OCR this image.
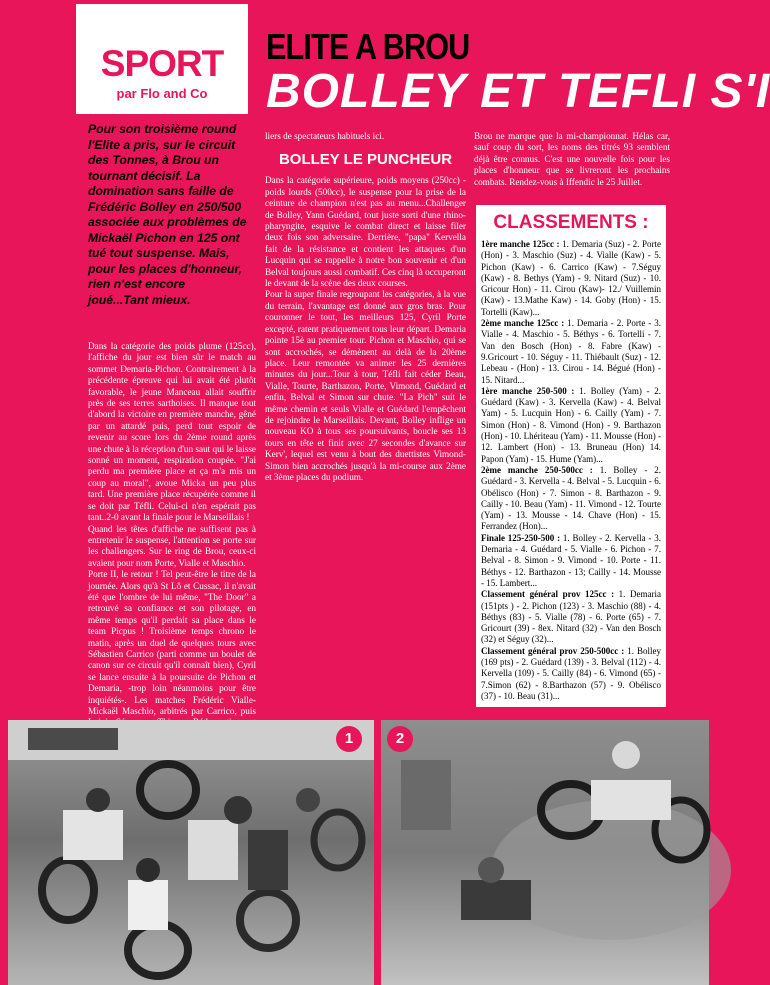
SPORT
par Flo and Co
ELITE A BROU
BOLLEY ET TEFLI S'I
Pour son troisième round l'Elite a pris, sur le circuit des Tonnes, à Brou un tournant décisif. La domination sans faille de Frédéric Bolley en 250/500 associée aux problèmes de Mickaël Pichon en 125 ont tué tout suspense. Mais, pour les places d'honneur, rien n'est encore joué...Tant mieux.

Dans la catégorie des poids plume (125cc), l'affiche du jour est bien sûr le match au sommet Demaria-Pichon. Contrairement à la précédente épreuve qui lui avait été plutôt favorable, le jeune Manceau allait souffrir près de ses terres sarthoises. Il manque tout d'abord la victoire en première manche, gêné par un attardé puis, perd tout espoir de revenir au score lors du 2ème round après une chute à la réception d'un saut qui le laisse sonné un moment, respiration coupée. "J'ai perdu ma première place et ça m'a mis un coup au moral", avoue Micka un peu plus tard. Une première place récupérée comme il se doit par Téfli. Celui-ci n'en espérait pas tant..2-0 avant la finale pour le Marseillais !

Quand les têtes d'affiche ne suffisent pas à entretenir le suspense, l'attention se porte sur les challengers. Sur le ring de Brou, ceux-ci avaient pour nom Porte, Vialle et Maschio.

Porte II, le retour ! Tel peut-être le titre de la journée. Alors qu'à St Lô et Cussac, il n'avait été que l'ombre de lui même, "The Door" a retrouvé sa confiance et son pilotage, en même temps qu'il perdait sa place dans le team Picpus ! Troisième temps chrono le matin, après un duel de quelques tours avec Sébastien Carrico (parti comme un boulet de canon sur ce circuit qu'il connaît bien), Cyril se lance ensuite à la poursuite de Pichon et Demaria, -trop loin néanmoins pour être inquiétés-. Les matches Frédéric Vialle-Mickaël Maschio, arbitrés par Carrico, puis

liers de spectateurs habituels ici.

BOLLEY LE PUNCHEUR

Dans la catégorie supérieure, poids moyens (250cc) - poids lourds (500cc), le suspense pour la prise de la ceinture de champion n'est pas au menu...Challenger de Bolley, Yann Guédard, tout juste sorti d'une rhino-pharyngite, esquive le combat direct et laisse filer deux fois son adversaire. Derrière, "papa" Kervella fait de la résistance et contient les attaques d'un Lucquin qui se rappelle à notre bon souvenir et d'un Belval toujours aussi combatif. Ces cinq là occuperont le devant de la scène des deux courses.

Pour la super finale regroupant les catégories, à la vue du terrain, l'avantage est donné aux gros bras. Pour couronner le tout, les meilleurs 125, Cyril Porte excepté, ratent pratiquement tous leur départ. Demaria pointe 15è au premier tour. Pichon et Maschio, qui se sont accrochés, se démènent au delà de la 20ème place. Leur remontée va animer les 25 dernières minutes du jour...Tour à tour, Téfli fait céder Beau, Vialle, Tourte, Barthazon, Porte, Vimond, Guédard et enfin, Belval et Simon sur chute. "La Pich" suit le même chemin et seuls Vialle et Guédard l'empêchent de rejoindre le Marseillais. Devant, Bolley inflige un nouveau KO à tous ses poursuivants, boucle ses 13 tours en tête et finit avec 27 secondes d'avance sur Kerv', lequel est venu à bout des duettistes Vimond-Simon bien accrochés jusqu'à la mi-course aux 2ème et 3ème places du podium.

Brou ne marque que la mi-championnat. Hélas car, sauf coup du sort, les noms des titrés 93 semblent déjà être connus. C'est une nouvelle fois pour les places d'honneur que se livreront les prochains combats. Rendez-vous à Iffendic le 25 Juillet.

CLASSEMENTS :

1ère manche 125cc : 1. Demaria (Suz) - 2. Porte (Hon) - 3. Maschio (Suz) - 4. Vialle (Kaw) - 5. Pichon (Kaw) - 6. Carrico (Kaw) - 7.Séguy (Kaw) - 8. Bethys (Yam) - 9. Nitard (Suz) - 10. Gricour Hon) - 11. Cirou (Kaw)- 12./ Vuillemin (Kaw) - 13.Mathe Kaw) - 14. Goby (Hon) - 15. Tortelli (Kaw)...

2ème manche 125cc : 1. Demaria - 2. Porte - 3. Vialle - 4. Maschio - 5. Béthys - 6. Tortelli - 7. Van den Bosch (Hon) - 8. Fabre (Kaw) - 9.Gricourt - 10. Séguy - 11. Thiébault (Suz) - 12. Lebeau - (Hon) - 13. Cirou - 14. Bégué (Hon) - 15. Nitard...

1ère manche 250-500 : 1. Bolley (Yam) - 2. Guédard (Kaw) - 3. Kervella (Kaw) - 4. Belval Yam) - 5. Lucquin Hon) - 6. Cailly (Yam) - 7. Simon (Hon) - 8. Vimond (Hon) - 9. Barthazon (Hon) - 10. Lhériteau (Yam) - 11. Mousse (Hon) - 12. Lambert (Hon) - 13. Bruneau (Hon) 14. Papon (Yam) - 15. Hume (Yam)...

2ème manche 250-500cc : 1. Bolley - 2. Guédard - 3. Kervella - 4. Belval - 5. Lucquin - 6. Obélisco (Hon) - 7. Simon - 8. Barthazon - 9. Cailly - 10. Beau (Yam) - 11. Vimond - 12. Tourte (Yam) - 13. Mousse - 14. Chave (Hon) - 15. Ferrandez (Hon)...

Finale 125-250-500 : 1. Bolley - 2. Kervella - 3. Demaria - 4. Guédard - 5. Vialle - 6. Pichon - 7. Belval - 8. Simon - 9. Vimond - 10. Porte - 11. Béthys - 12. Barthazon - 13; Cailly - 14. Mousse - 15. Lambert...

Classement général prov 125cc : 1. Demaria (151pts ) - 2. Pichon (123) - 3. Maschio (88) - 4. Béthys (83) - 5. Vialle (78) - 6. Porte (65) - 7. Gricourt (39) - 8ex. Nitard (32) - Van den Bosch (32) et Séguy (32)...

Classement général prov 250-500cc : 1. Bolley (169 pts) - 2. Guédard (139) - 3. Belval (112) - 4. Kervella (109) - 5. Cailly (84) - 6. Vimond (65) - 7.Simon (62) - 8.Barthazon (57) - 9. Obélisco (37) - 10. Beau (31)...

1	2
